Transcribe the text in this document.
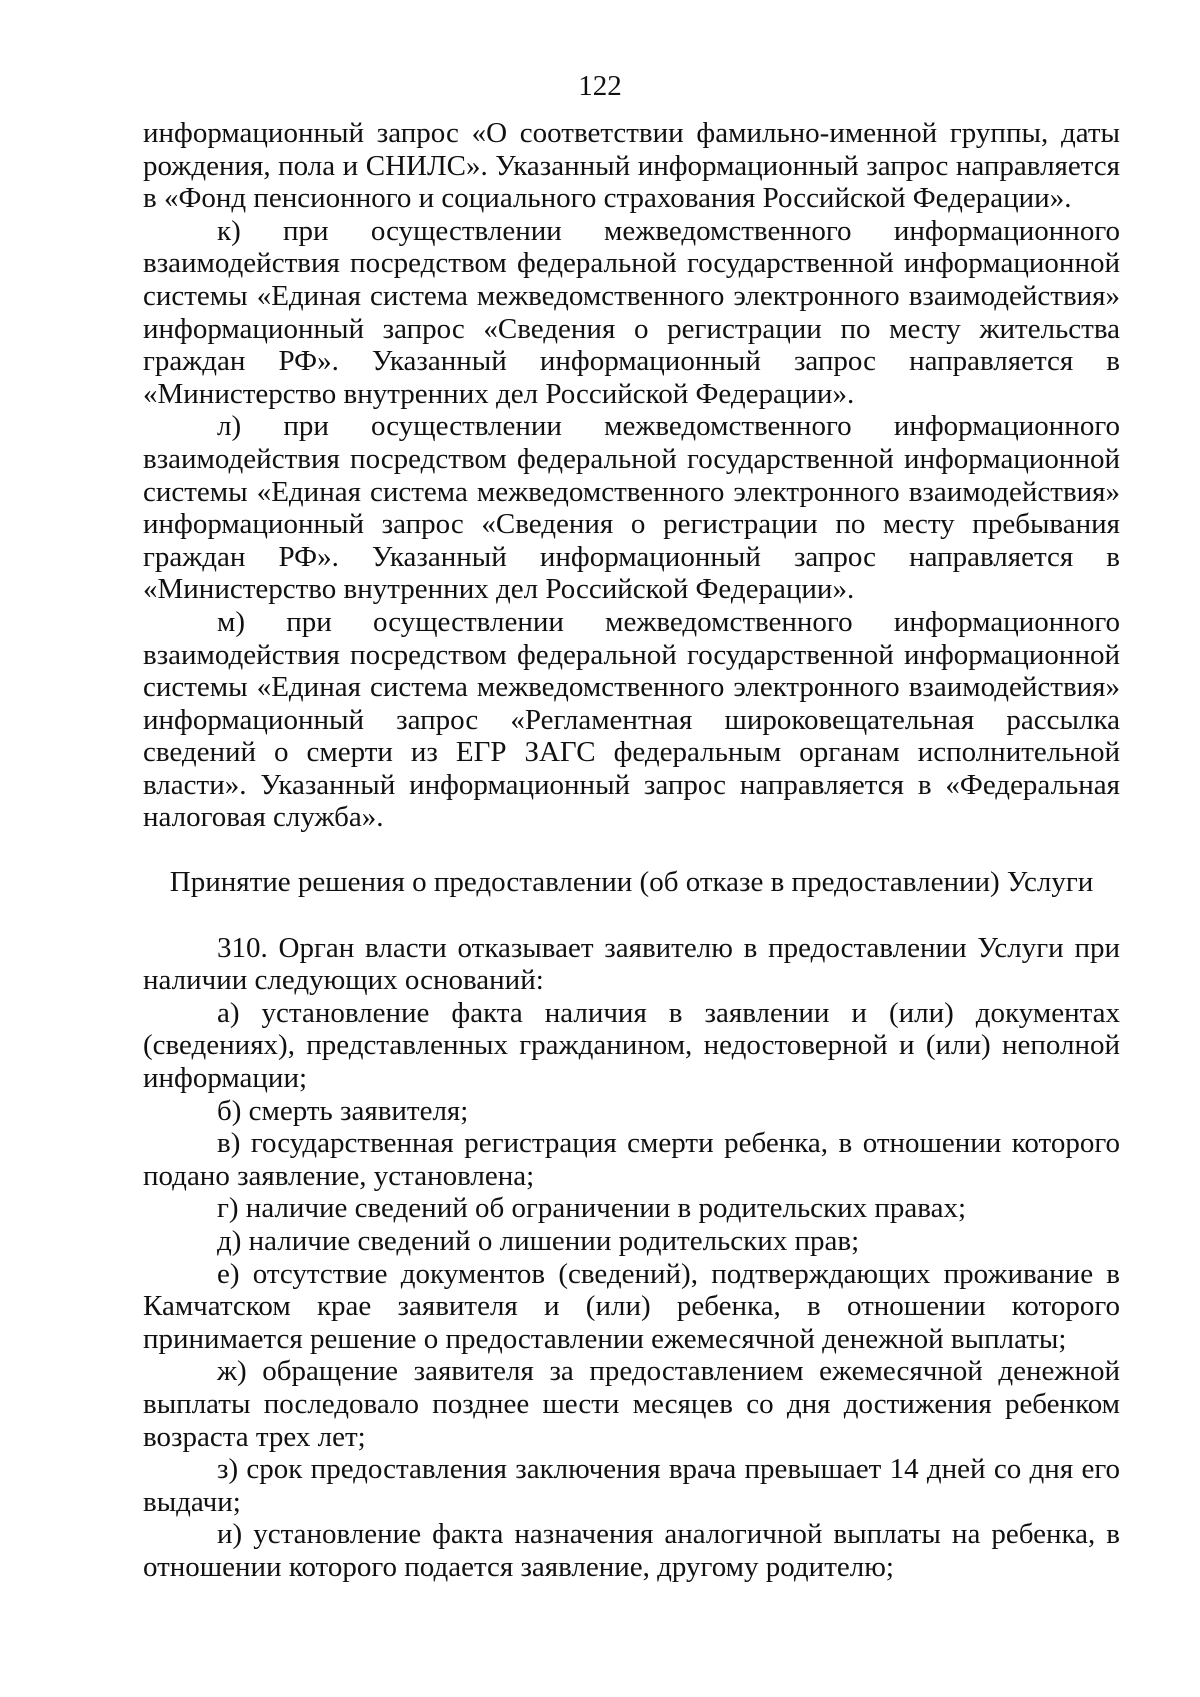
122

информационный запрос «О соответствии фамильно-именной группы, даты рождения, пола и СНИЛС». Указанный информационный запрос направляется в «Фонд пенсионного и социального страхования Российской Федерации».

к) при осуществлении межведомственного информационного взаимодействия посредством федеральной государственной информационной системы «Единая система межведомственного электронного взаимодействия» информационный запрос «Сведения о регистрации по месту жительства граждан РФ». Указанный информационный запрос направляется в «Министерство внутренних дел Российской Федерации».

л) при осуществлении межведомственного информационного взаимодействия посредством федеральной государственной информационной системы «Единая система межведомственного электронного взаимодействия» информационный запрос «Сведения о регистрации по месту пребывания граждан РФ». Указанный информационный запрос направляется в «Министерство внутренних дел Российской Федерации».

м) при осуществлении межведомственного информационного взаимодействия посредством федеральной государственной информационной системы «Единая система межведомственного электронного взаимодействия» информационный запрос «Регламентная широковещательная рассылка сведений о смерти из ЕГР ЗАГС федеральным органам исполнительной власти». Указанный информационный запрос направляется в «Федеральная налоговая служба».

Принятие решения о предоставлении (об отказе в предоставлении) Услуги

310. Орган власти отказывает заявителю в предоставлении Услуги при наличии следующих оснований:

а) установление факта наличия в заявлении и (или) документах (сведениях), представленных гражданином, недостоверной и (или) неполной информации;

б) смерть заявителя;

в) государственная регистрация смерти ребенка, в отношении которого подано заявление, установлена;

г) наличие сведений об ограничении в родительских правах;

д) наличие сведений о лишении родительских прав;

е) отсутствие документов (сведений), подтверждающих проживание в Камчатском крае заявителя и (или) ребенка, в отношении которого принимается решение о предоставлении ежемесячной денежной выплаты;

ж) обращение заявителя за предоставлением ежемесячной денежной выплаты последовало позднее шести месяцев со дня достижения ребенком возраста трех лет;

з) срок предоставления заключения врача превышает 14 дней со дня его выдачи;

и) установление факта назначения аналогичной выплаты на ребенка, в отношении которого подается заявление, другому родителю;
